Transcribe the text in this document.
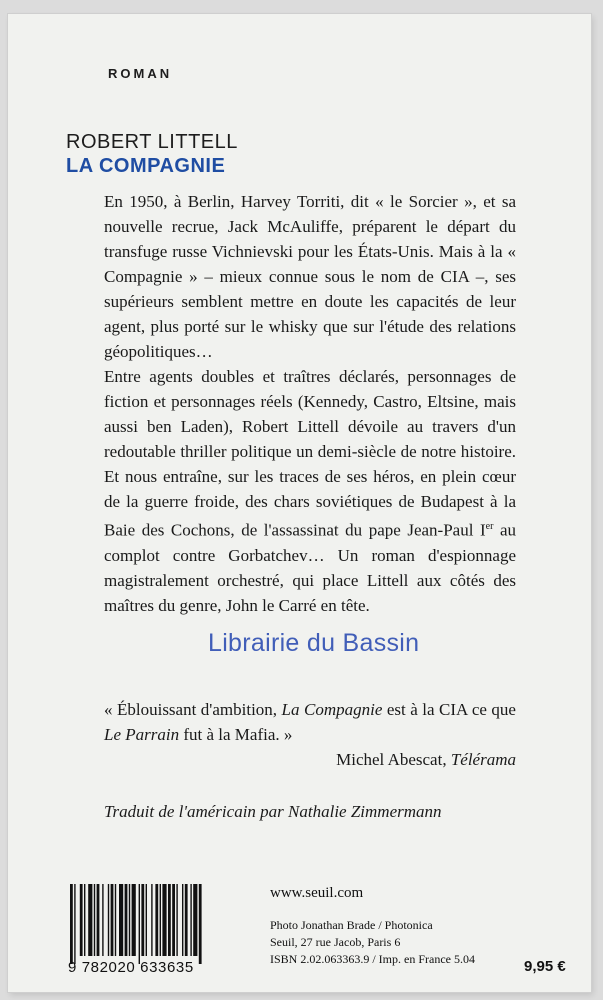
ROMAN
ROBERT LITTELL
LA COMPAGNIE

En 1950, à Berlin, Harvey Torriti, dit « le Sorcier », et sa nouvelle recrue, Jack McAuliffe, préparent le départ du transfuge russe Vichnievski pour les États-Unis. Mais à la « Compagnie » – mieux connue sous le nom de CIA –, ses supérieurs semblent mettre en doute les capacités de leur agent, plus porté sur le whisky que sur l'étude des relations géopolitiques…

Entre agents doubles et traîtres déclarés, personnages de fiction et personnages réels (Kennedy, Castro, Eltsine, mais aussi ben Laden), Robert Littell dévoile au travers d'un redoutable thriller politique un demi-siècle de notre histoire. Et nous entraîne, sur les traces de ses héros, en plein cœur de la guerre froide, des chars soviétiques de Budapest à la Baie des Cochons, de l'assassinat du pape Jean-Paul Ier au complot contre Gorbatchev… Un roman d'espionnage magistralement orchestré, qui place Littell aux côtés des maîtres du genre, John le Carré en tête.

Librairie du Bassin

« Éblouissant d'ambition, La Compagnie est à la CIA ce que Le Parrain fut à la Mafia. »

Michel Abescat, Télérama

Traduit de l'américain par Nathalie Zimmermann
9 782020 633635
www.seuil.com
Photo Jonathan Brade / Photonica
Seuil, 27 rue Jacob, Paris 6
ISBN 2.02.063363.9 / Imp. en France 5.04	9,95 €
